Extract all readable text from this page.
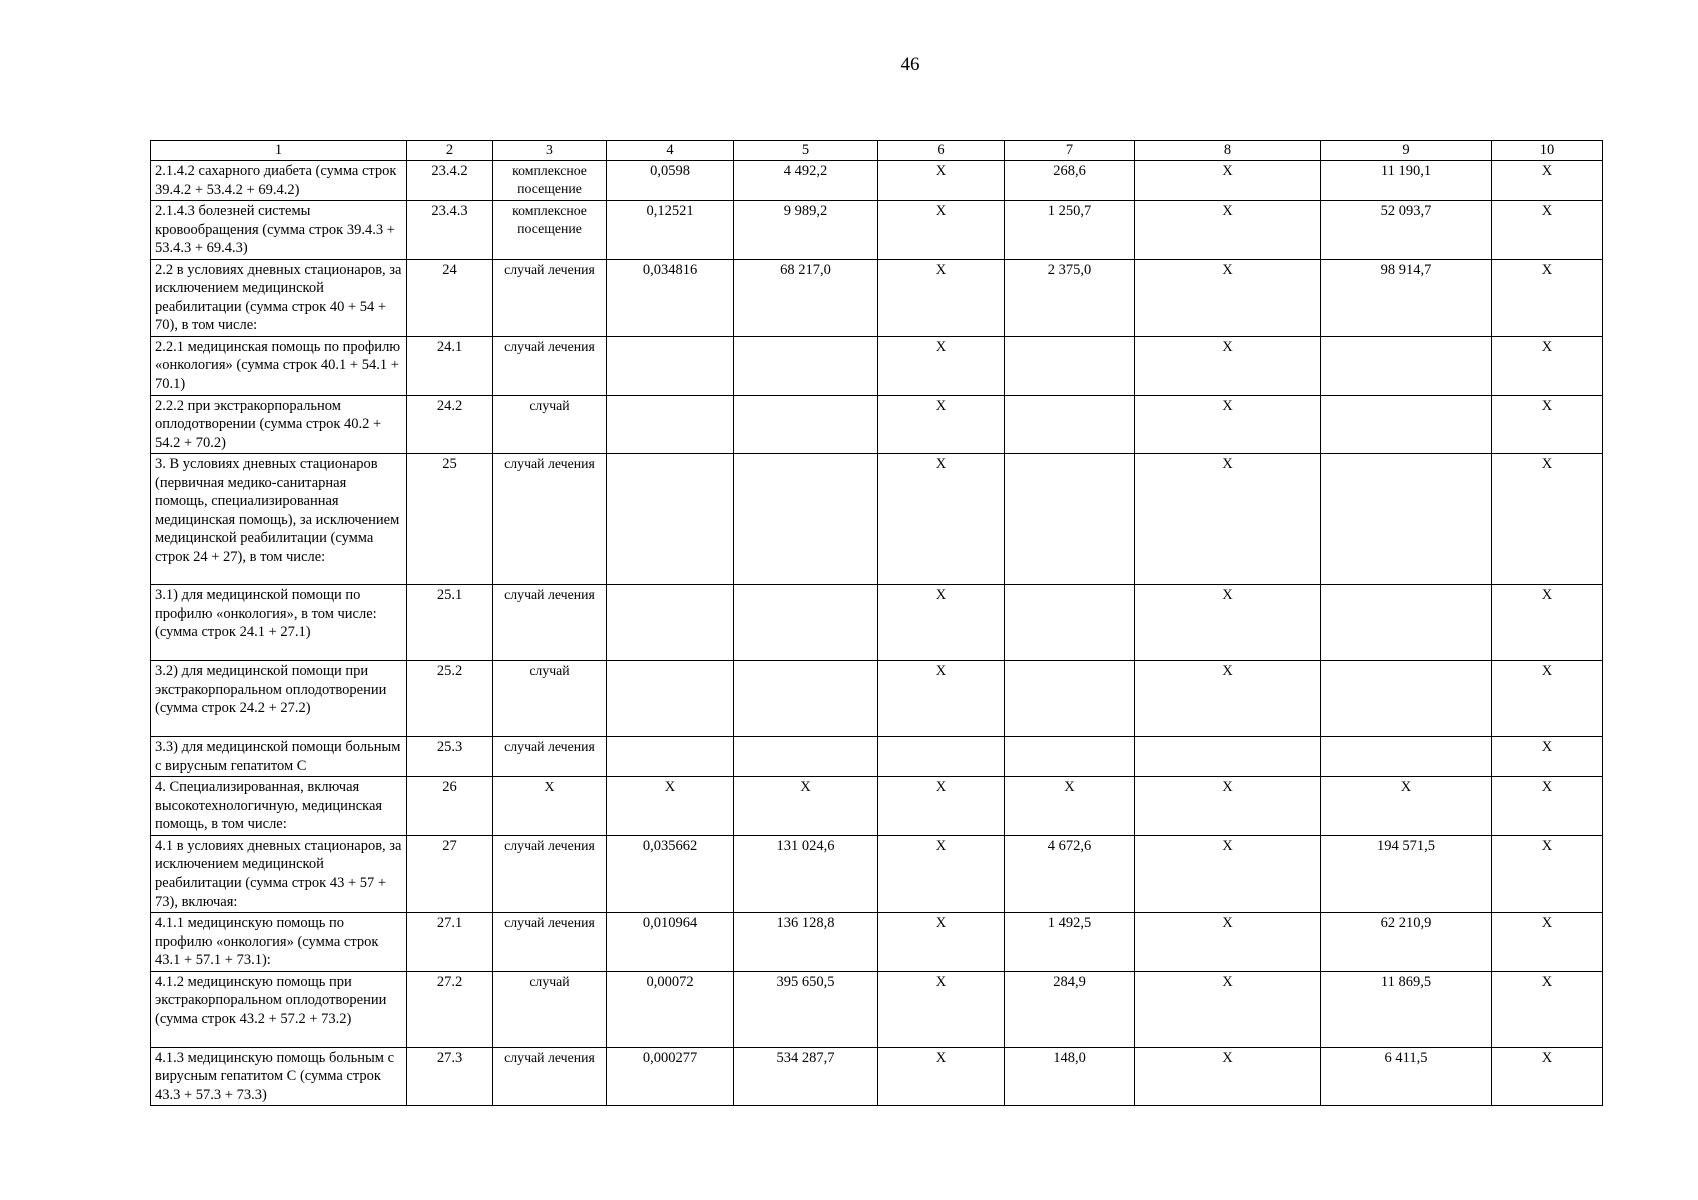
46
1	2	3	4	5	6	7	8	9	10
2.1.4.2 сахарного диабета (сумма строк 39.4.2 + 53.4.2 + 69.4.2)	23.4.2	комплексное посещение	0,0598	4 492,2	Х	268,6	Х	11 190,1	Х
2.1.4.3 болезней системы кровообращения (сумма строк 39.4.3 + 53.4.3 + 69.4.3)	23.4.3	комплексное посещение	0,12521	9 989,2	Х	1 250,7	Х	52 093,7	Х
2.2 в условиях дневных стационаров, за исключением медицинской реабилитации (сумма строк 40 + 54 + 70), в том числе:	24	случай лечения	0,034816	68 217,0	Х	2 375,0	Х	98 914,7	Х
2.2.1 медицинская помощь по профилю «онкология» (сумма строк 40.1 + 54.1 + 70.1)	24.1	случай лечения			Х		Х		Х
2.2.2 при экстракорпоральном оплодотворении (сумма строк 40.2 + 54.2 + 70.2)	24.2	случай			Х		Х		Х
3. В условиях дневных стационаров (первичная медико-санитарная помощь, специализированная медицинская помощь), за исключением медицинской реабилитации (сумма строк 24 + 27), в том числе:	25	случай лечения			Х		Х		Х
3.1) для медицинской помощи по профилю «онкология», в том числе: (сумма строк 24.1 + 27.1)	25.1	случай лечения			Х		Х		Х
3.2) для медицинской помощи при экстракорпоральном оплодотворении (сумма строк 24.2 + 27.2)	25.2	случай			Х		Х		Х
3.3) для медицинской помощи больным с вирусным гепатитом С	25.3	случай лечения							Х
4. Специализированная, включая высокотехнологичную, медицинская помощь, в том числе:	26	Х	Х	Х	Х	Х	Х	Х	Х
4.1 в условиях дневных стационаров, за исключением медицинской реабилитации (сумма строк 43 + 57 + 73), включая:	27	случай лечения	0,035662	131 024,6	Х	4 672,6	Х	194 571,5	Х
4.1.1 медицинскую помощь по профилю «онкология» (сумма строк 43.1 + 57.1 + 73.1):	27.1	случай лечения	0,010964	136 128,8	Х	1 492,5	Х	62 210,9	Х
4.1.2 медицинскую помощь при экстракорпоральном оплодотворении (сумма строк 43.2 + 57.2 + 73.2)	27.2	случай	0,00072	395 650,5	Х	284,9	Х	11 869,5	Х
4.1.3 медицинскую помощь больным с вирусным гепатитом С (сумма строк 43.3 + 57.3 + 73.3)	27.3	случай лечения	0,000277	534 287,7	Х	148,0	Х	6 411,5	Х
